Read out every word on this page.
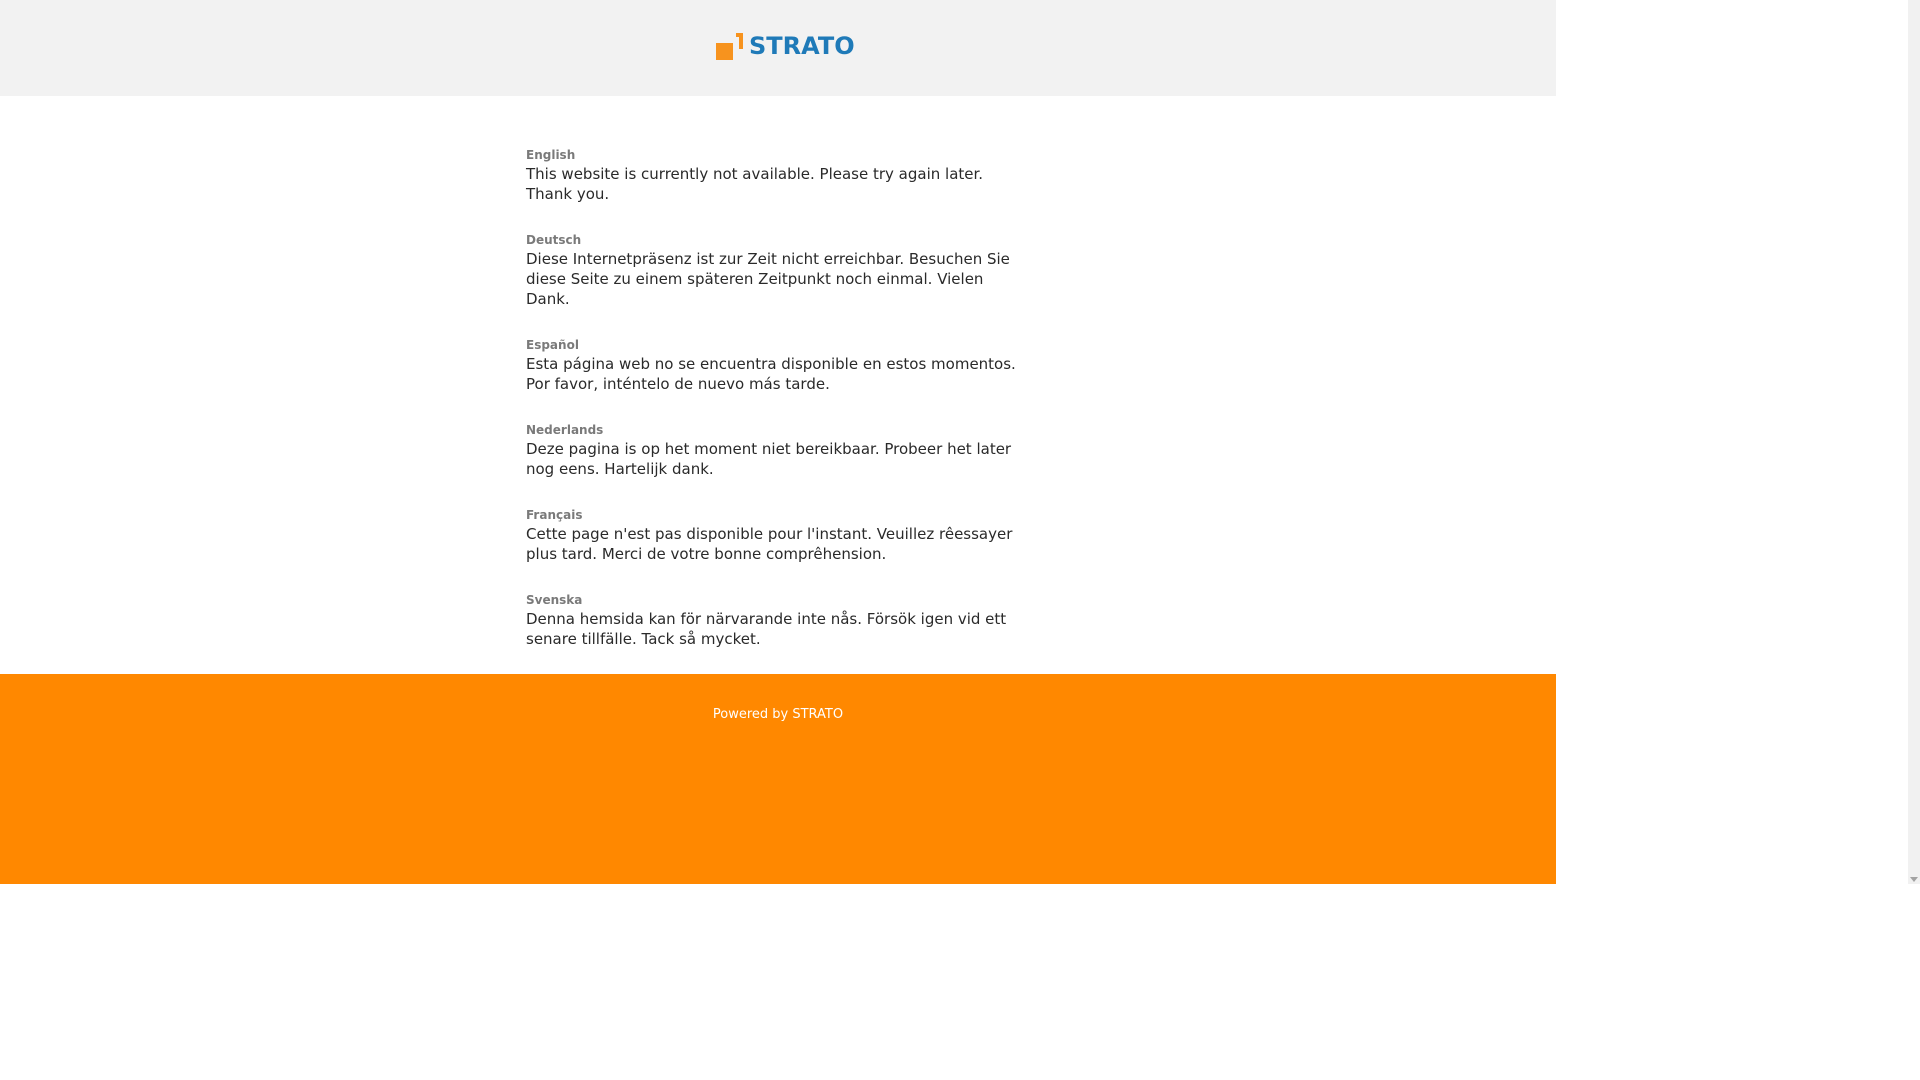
STRATO
English
This website is currently not available. Please try again later. Thank you.
Deutsch
Diese Internetpräsenz ist zur Zeit nicht erreichbar. Besuchen Sie diese Seite zu einem späteren Zeitpunkt noch einmal. Vielen Dank.
Español
Esta página web no se encuentra disponible en estos momentos. Por favor, inténtelo de nuevo más tarde.
Nederlands
Deze pagina is op het moment niet bereikbaar. Probeer het later nog eens. Hartelijk dank.
Français
Cette page n'est pas disponible pour l'instant. Veuillez rêessayer plus tard. Merci de votre bonne comprêhension.
Svenska
Denna hemsida kan för närvarande inte nås. Försök igen vid ett senare tillfälle. Tack så mycket.
Powered by STRATO
